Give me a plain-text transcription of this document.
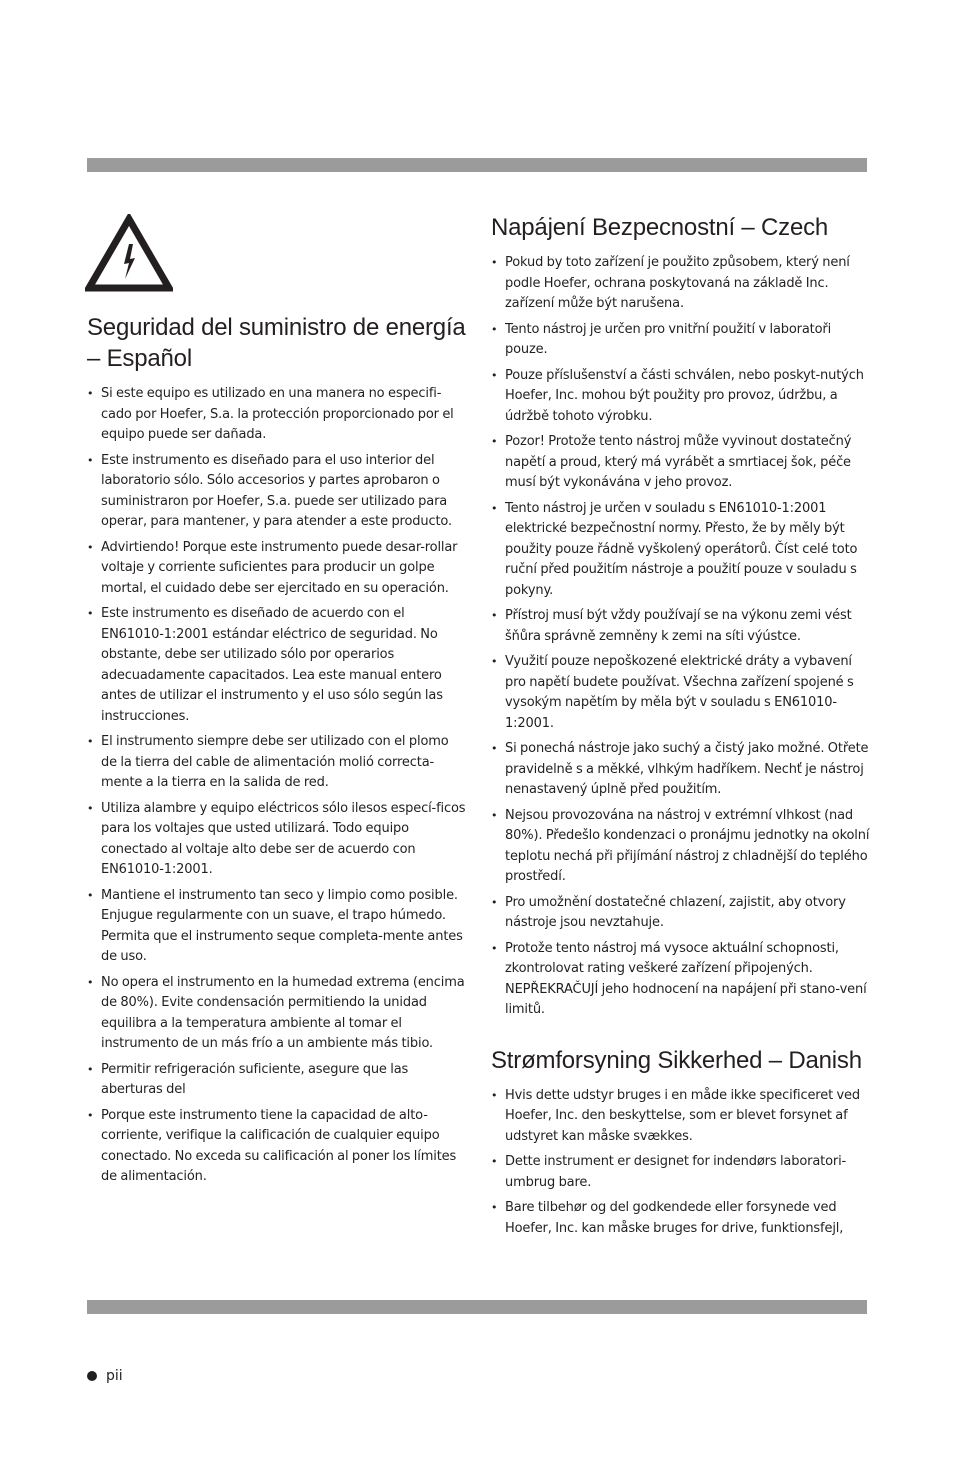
Seguridad del suministro de energía – Español
• Si este equipo es utilizado en una manera no especifi-cado por Hoefer, S.a. la protección proporcionado por el equipo puede ser dañada.
• Este instrumento es diseñado para el uso interior del laboratorio sólo. Sólo accesorios y partes aprobaron o suministraron por Hoefer, S.a. puede ser utilizado para operar, para mantener, y para atender a este producto.
• Advirtiendo! Porque este instrumento puede desar-rollar voltaje y corriente suficientes para producir un golpe mortal, el cuidado debe ser ejercitado en su operación.
• Este instrumento es diseñado de acuerdo con el EN61010-1:2001 estándar eléctrico de seguridad. No obstante, debe ser utilizado sólo por operarios adecuadamente capacitados. Lea este manual entero antes de utilizar el instrumento y el uso sólo según las instrucciones.
• El instrumento siempre debe ser utilizado con el plomo de la tierra del cable de alimentación molió correcta-mente a la tierra en la salida de red.
• Utiliza alambre y equipo eléctricos sólo ilesos especí-ficos para los voltajes que usted utilizará. Todo equipo conectado al voltaje alto debe ser de acuerdo con EN61010-1:2001.
• Mantiene el instrumento tan seco y limpio como posible. Enjugue regularmente con un suave, el trapo húmedo. Permita que el instrumento seque completa-mente antes de uso.
• No opera el instrumento en la humedad extrema (encima de 80%). Evite condensación permitiendo la unidad equilibra a la temperatura ambiente al tomar el instrumento de un más frío a un ambiente más tibio.
• Permitir refrigeración suficiente, asegure que las aberturas del
• Porque este instrumento tiene la capacidad de alto-corriente, verifique la calificación de cualquier equipo conectado. No exceda su calificación al poner los límites de alimentación.
Napájení Bezpecnostní – Czech
• Pokud by toto zařízení je použito způsobem, který není podle Hoefer, ochrana poskytovaná na základě Inc. zařízení může být narušena.
• Tento nástroj je určen pro vnitřní použití v laboratoři pouze.
• Pouze příslušenství a části schválen, nebo poskyt-nutých Hoefer, Inc. mohou být použity pro provoz, údržbu, a údržbě tohoto výrobku.
• Pozor! Protože tento nástroj může vyvinout dostatečný napětí a proud, který má vyrábět a smrtiacej šok, péče musí být vykonávána v jeho provoz.
• Tento nástroj je určen v souladu s EN61010-1:2001 elektrické bezpečnostní normy. Přesto, že by měly být použity pouze řádně vyškolený operátorů. Číst celé toto ruční před použitím nástroje a použití pouze v souladu s pokyny.
• Přístroj musí být vždy používají se na výkonu zemi vést šňůra správně zemněny k zemi na síti výústce.
• Využití pouze nepoškozené elektrické dráty a vybavení pro napětí budete používat. Všechna zařízení spojené s vysokým napětím by měla být v souladu s EN61010-1:2001.
• Si ponechá nástroje jako suchý a čistý jako možné. Otřete pravidelně s a měkké, vlhkým hadříkem. Nechť je nástroj nenastavený úplně před použitím.
• Nejsou provozována na nástroj v extrémní vlhkost (nad 80%). Předešlo kondenzaci o pronájmu jednotky na okolní teplotu nechá při přijímání nástroj z chladnější do teplého prostředí.
• Pro umožnění dostatečné chlazení, zajistit, aby otvory nástroje jsou nevztahuje.
• Protože tento nástroj má vysoce aktuální schopnosti, zkontrolovat rating veškeré zařízení připojených. NEPŘEKRAČUJÍ jeho hodnocení na napájení při stano-vení limitů.
Strømforsyning Sikkerhed – Danish
• Hvis dette udstyr bruges i en måde ikke specificeret ved Hoefer, Inc. den beskyttelse, som er blevet forsynet af udstyret kan måske svækkes.
• Dette instrument er designet for indendørs laboratori-umbrug bare.
• Bare tilbehør og del godkendede eller forsynede ved Hoefer, Inc. kan måske bruges for drive, funktionsfejl,
pii
